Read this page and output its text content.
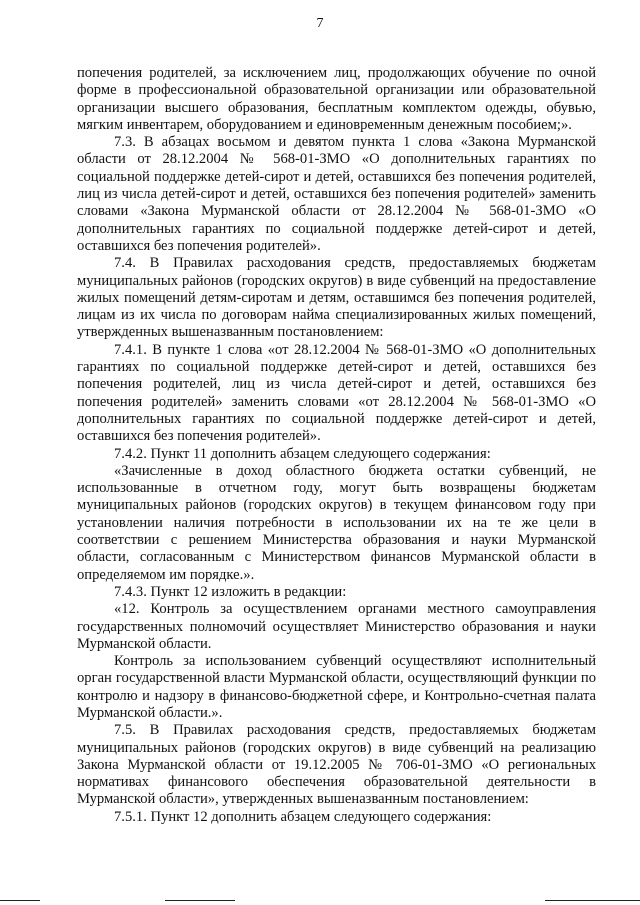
7

попечения родителей, за исключением лиц, продолжающих обучение по очной форме в профессиональной образовательной организации или образовательной организации высшего образования, бесплатным комплектом одежды, обувью, мягким инвентарем, оборудованием и единовременным денежным пособием;».

7.3. В абзацах восьмом и девятом пункта 1 слова «Закона Мурманской области от 28.12.2004 № 568-01-ЗМО «О дополнительных гарантиях по социальной поддержке детей-сирот и детей, оставшихся без попечения родителей, лиц из числа детей-сирот и детей, оставшихся без попечения родителей» заменить словами «Закона Мурманской области от 28.12.2004 № 568-01-ЗМО «О дополнительных гарантиях по социальной поддержке детей-сирот и детей, оставшихся без попечения родителей».

7.4. В Правилах расходования средств, предоставляемых бюджетам муниципальных районов (городских округов) в виде субвенций на предоставление жилых помещений детям-сиротам и детям, оставшимся без попечения родителей, лицам из их числа по договорам найма специализированных жилых помещений, утвержденных вышеназванным постановлением:

7.4.1. В пункте 1 слова «от 28.12.2004 № 568-01-ЗМО «О дополнительных гарантиях по социальной поддержке детей-сирот и детей, оставшихся без попечения родителей, лиц из числа детей-сирот и детей, оставшихся без попечения родителей» заменить словами «от 28.12.2004 № 568-01-ЗМО «О дополнительных гарантиях по социальной поддержке детей-сирот и детей, оставшихся без попечения родителей».

7.4.2. Пункт 11 дополнить абзацем следующего содержания:

«Зачисленные в доход областного бюджета остатки субвенций, не использованные в отчетном году, могут быть возвращены бюджетам муниципальных районов (городских округов) в текущем финансовом году при установлении наличия потребности в использовании их на те же цели в соответствии с решением Министерства образования и науки Мурманской области, согласованным с Министерством финансов Мурманской области в определяемом им порядке.».

7.4.3. Пункт 12 изложить в редакции:

«12. Контроль за осуществлением органами местного самоуправления государственных полномочий осуществляет Министерство образования и науки Мурманской области.

Контроль за использованием субвенций осуществляют исполнительный орган государственной власти Мурманской области, осуществляющий функции по контролю и надзору в финансово-бюджетной сфере, и Контрольно-счетная палата Мурманской области.».

7.5. В Правилах расходования средств, предоставляемых бюджетам муниципальных районов (городских округов) в виде субвенций на реализацию Закона Мурманской области от 19.12.2005 № 706-01-ЗМО «О региональных нормативах финансового обеспечения образовательной деятельности в Мурманской области», утвержденных вышеназванным постановлением:

7.5.1. Пункт 12 дополнить абзацем следующего содержания:
